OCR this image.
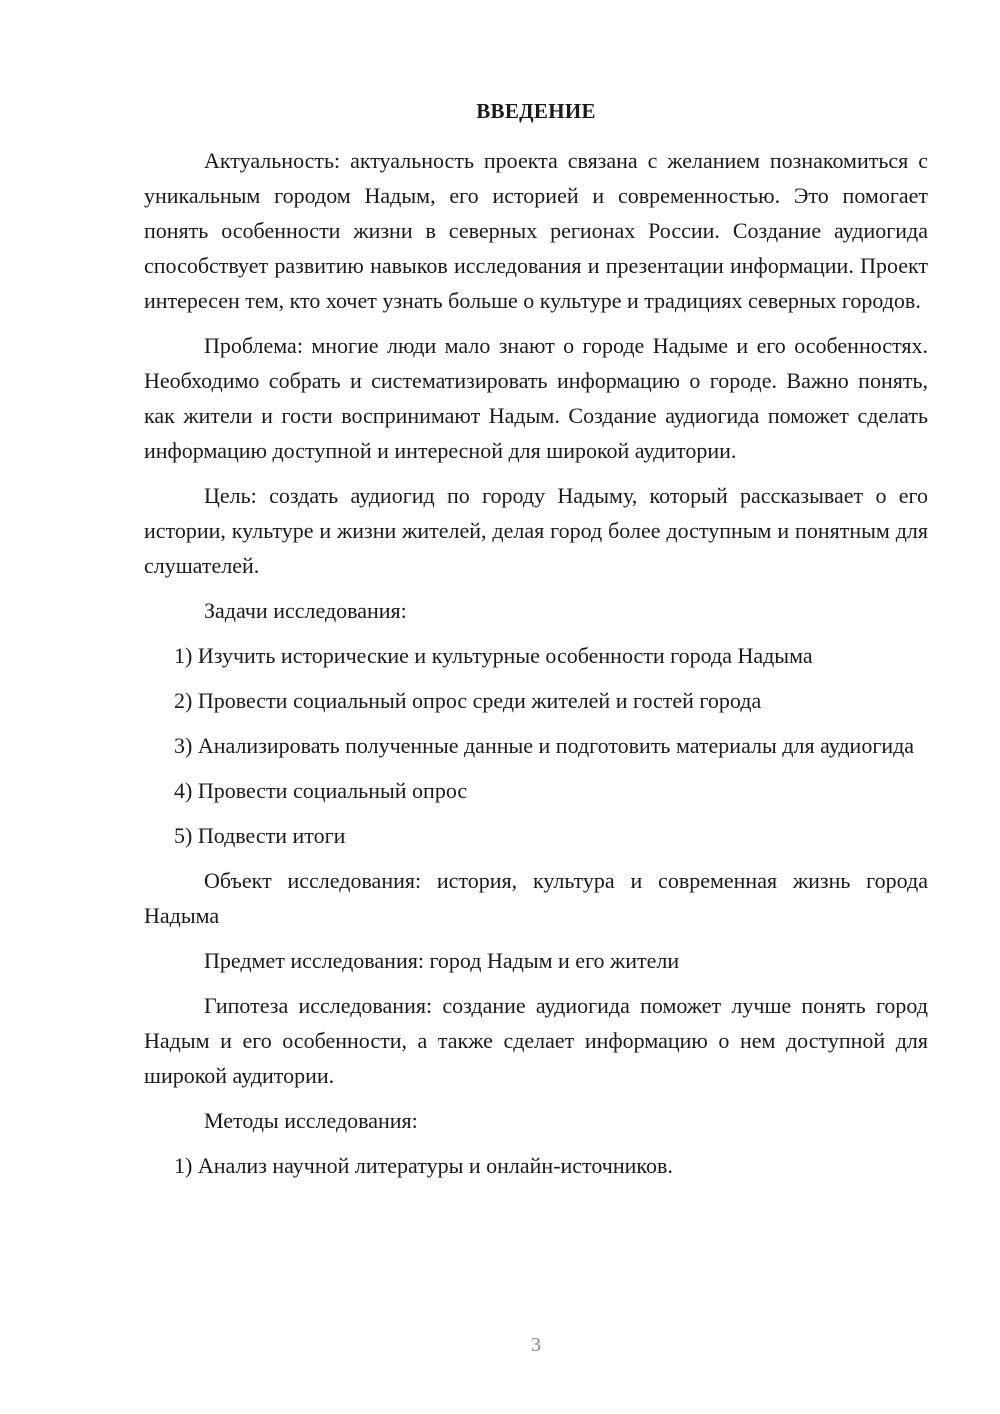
ВВЕДЕНИЕ
Актуальность: актуальность проекта связана с желанием познакомиться с уникальным городом Надым, его историей и современностью. Это помогает понять особенности жизни в северных регионах России. Создание аудиогида способствует развитию навыков исследования и презентации информации. Проект интересен тем, кто хочет узнать больше о культуре и традициях северных городов.
Проблема: многие люди мало знают о городе Надыме и его особенностях. Необходимо собрать и систематизировать информацию о городе. Важно понять, как жители и гости воспринимают Надым. Создание аудиогида поможет сделать информацию доступной и интересной для широкой аудитории.
Цель: создать аудиогид по городу Надыму, который рассказывает о его истории, культуре и жизни жителей, делая город более доступным и понятным для слушателей.
Задачи исследования:
1) Изучить исторические и культурные особенности города Надыма
2) Провести социальный опрос среди жителей и гостей города
3) Анализировать полученные данные и подготовить материалы для аудиогида
4) Провести социальный опрос
5) Подвести итоги
Объект исследования: история, культура и современная жизнь города Надыма
Предмет исследования: город Надым и его жители
Гипотеза исследования: создание аудиогида поможет лучше понять город Надым и его особенности, а также сделает информацию о нем доступной для широкой аудитории.
Методы исследования:
1) Анализ научной литературы и онлайн-источников.
3
